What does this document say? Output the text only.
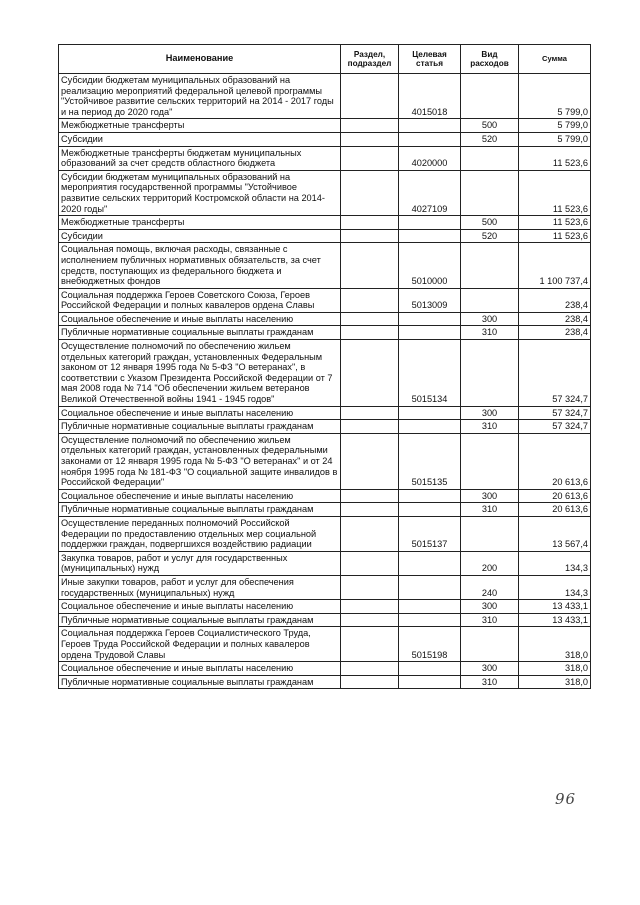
Наименование	Раздел, подраздел	Целевая статья	Вид расходов	Сумма
Субсидии бюджетам муниципальных образований на реализацию мероприятий федеральной целевой программы "Устойчивое развитие сельских территорий на 2014 - 2017 годы и на период до 2020 года"		4015018		5 799,0
Межбюджетные трансферты			500	5 799,0
Субсидии			520	5 799,0
Межбюджетные трансферты бюджетам муниципальных образований за счет средств областного бюджета		4020000		11 523,6
Субсидии бюджетам муниципальных образований на мероприятия государственной программы "Устойчивое развитие сельских территорий Костромской области на 2014-2020 годы"		4027109		11 523,6
Межбюджетные трансферты			500	11 523,6
Субсидии			520	11 523,6
Социальная помощь, включая расходы, связанные с исполнением публичных нормативных обязательств, за счет средств, поступающих из федерального бюджета и внебюджетных фондов		5010000		1 100 737,4
Социальная поддержка Героев Советского Союза, Героев Российской Федерации и полных кавалеров ордена Славы		5013009		238,4
Социальное обеспечение и иные выплаты населению			300	238,4
Публичные нормативные социальные выплаты гражданам			310	238,4
Осуществление полномочий по обеспечению жильем отдельных категорий граждан, установленных Федеральным законом от 12 января 1995 года № 5-ФЗ "О ветеранах", в соответствии с Указом Президента Российской Федерации от 7 мая 2008 года № 714 "Об обеспечении жильем ветеранов Великой Отечественной войны 1941 - 1945 годов"		5015134		57 324,7
Социальное обеспечение и иные выплаты населению			300	57 324,7
Публичные нормативные социальные выплаты гражданам			310	57 324,7
Осуществление полномочий по обеспечению жильем отдельных категорий граждан, установленных федеральными законами от 12 января 1995 года № 5-ФЗ "О ветеранах" и от 24 ноября 1995 года № 181-ФЗ "О социальной защите инвалидов в Российской Федерации"		5015135		20 613,6
Социальное обеспечение и иные выплаты населению			300	20 613,6
Публичные нормативные социальные выплаты гражданам			310	20 613,6
Осуществление переданных полномочий Российской Федерации по предоставлению отдельных мер социальной поддержки граждан, подвергшихся воздействию радиации		5015137		13 567,4
Закупка товаров, работ и услуг для государственных (муниципальных) нужд			200	134,3
Иные закупки товаров, работ и услуг для обеспечения государственных (муниципальных) нужд			240	134,3
Социальное обеспечение и иные выплаты населению			300	13 433,1
Публичные нормативные социальные выплаты гражданам			310	13 433,1
Социальная поддержка Героев Социалистического Труда, Героев Труда Российской Федерации и полных кавалеров ордена Трудовой Славы		5015198		318,0
Социальное обеспечение и иные выплаты населению			300	318,0
Публичные нормативные социальные выплаты гражданам			310	318,0
96
